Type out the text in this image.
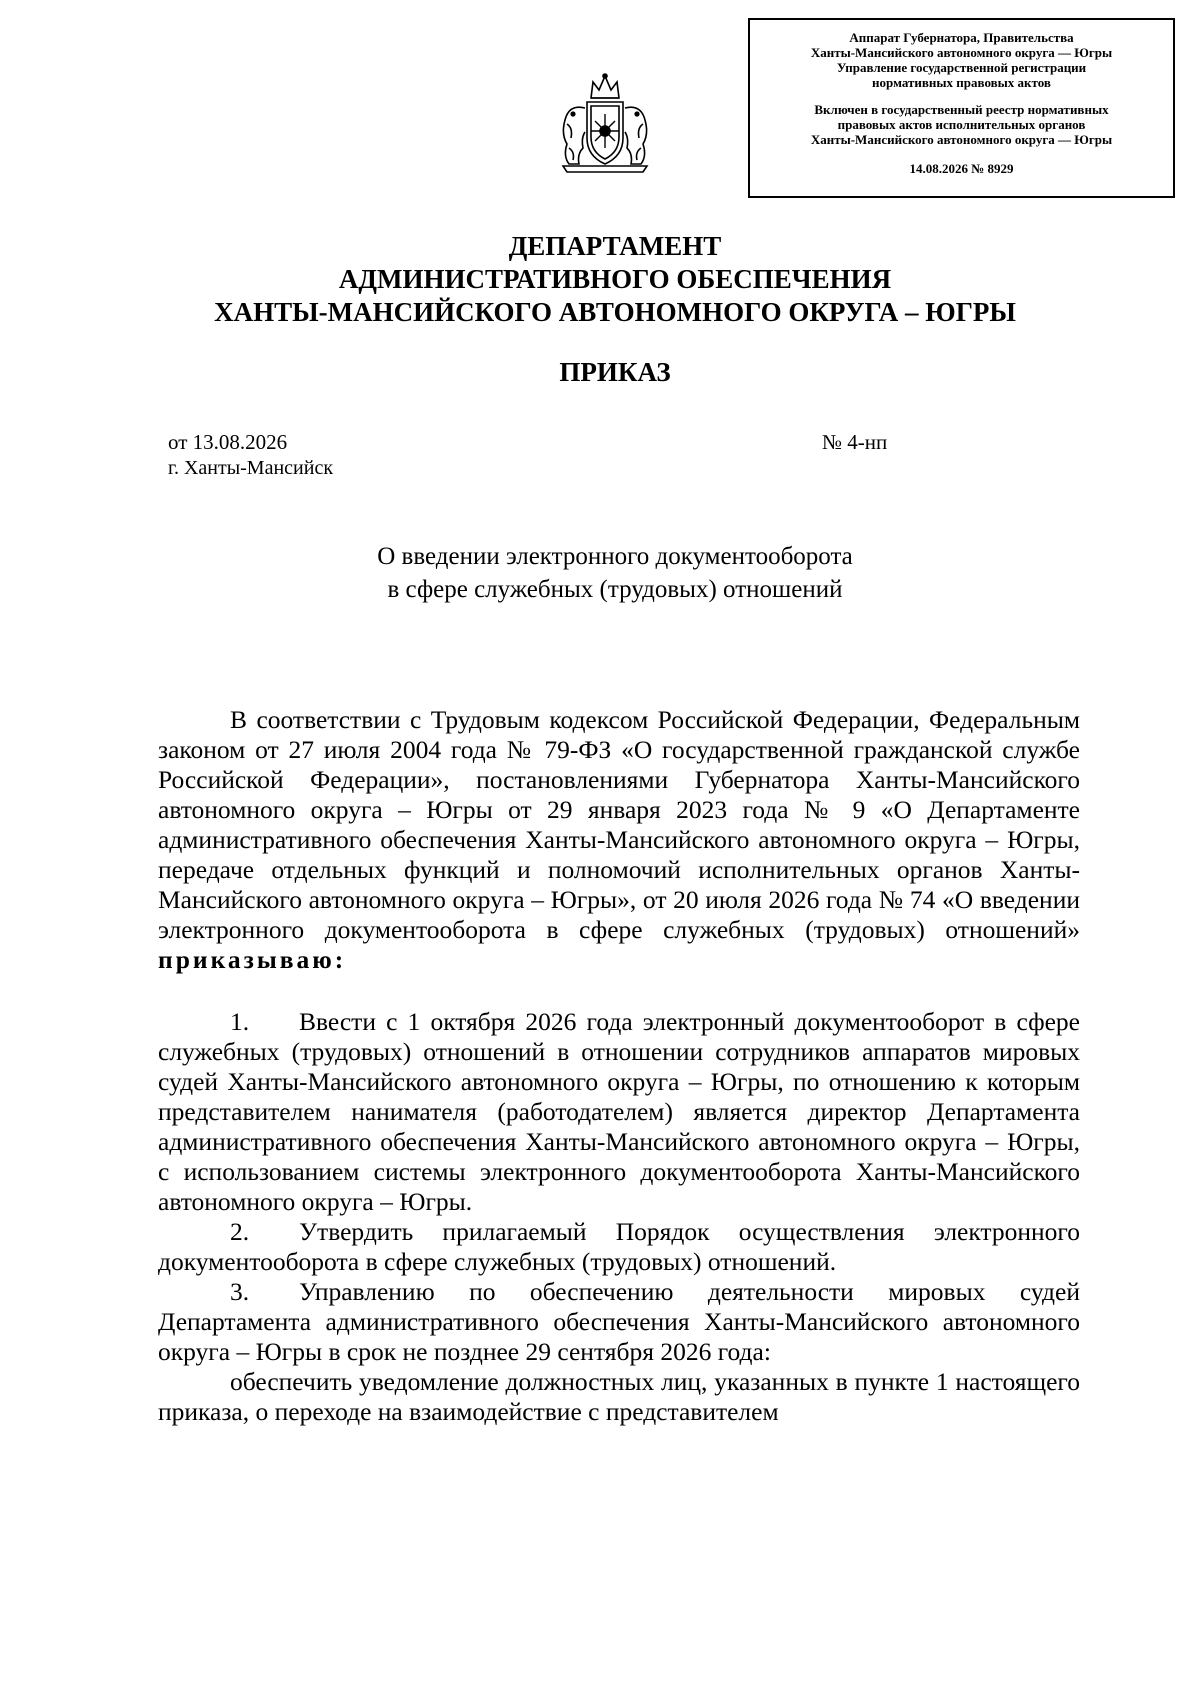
Аппарат Губернатора, Правительства
Ханты-Мансийского автономного округа — Югры
Управление государственной регистрации
нормативных правовых актов
Включен в государственный реестр нормативных
правовых актов исполнительных органов
Ханты-Мансийского автономного округа — Югры
14.08.2026 № 8929
ДЕПАРТАМЕНТ
АДМИНИСТРАТИВНОГО ОБЕСПЕЧЕНИЯ
ХАНТЫ-МАНСИЙСКОГО АВТОНОМНОГО ОКРУГА – ЮГРЫ
ПРИКАЗ
от 13.08.2026
г. Ханты-Мансийск
№ 4-нп
О введении электронного документооборота
в сфере служебных (трудовых) отношений

В соответствии с Трудовым кодексом Российской Федерации, Федеральным законом от 27 июля 2004 года № 79-ФЗ «О государственной гражданской службе Российской Федерации», постановлениями Губернатора Ханты-Мансийского автономного округа – Югры от 29 января 2023 года № 9 «О Департаменте административного обеспечения Ханты-Мансийского автономного округа – Югры, передаче отдельных функций и полномочий исполнительных органов Ханты-Мансийского автономного округа – Югры», от 20 июля 2026 года № 74 «О введении электронного документооборота в сфере служебных (трудовых) отношений» приказываю:

1. Ввести с 1 октября 2026 года электронный документооборот в сфере служебных (трудовых) отношений в отношении сотрудников аппаратов мировых судей Ханты-Мансийского автономного округа – Югры, по отношению к которым представителем нанимателя (работодателем) является директор Департамента административного обеспечения Ханты-Мансийского автономного округа – Югры, с использованием системы электронного документооборота Ханты-Мансийского автономного округа – Югры.

2. Утвердить прилагаемый Порядок осуществления электронного документооборота в сфере служебных (трудовых) отношений.

3. Управлению по обеспечению деятельности мировых судей Департамента административного обеспечения Ханты-Мансийского автономного округа – Югры в срок не позднее 29 сентября 2026 года:

обеспечить уведомление должностных лиц, указанных в пункте 1 настоящего приказа, о переходе на взаимодействие с представителем
